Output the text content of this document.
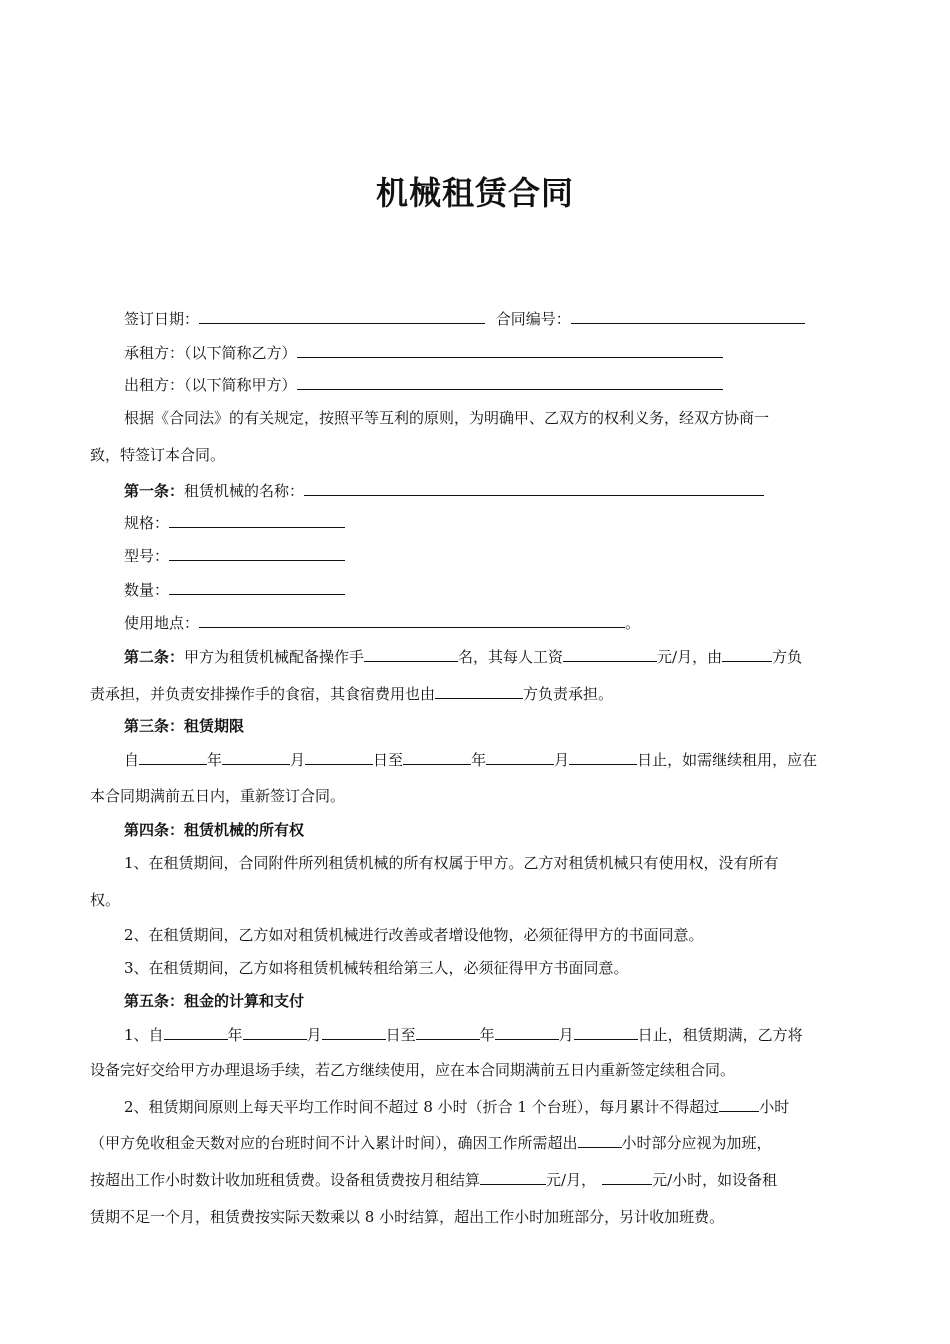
机械租赁合同
签订日期：	合同编号：
承租方：（以下简称乙方）
出租方：（以下简称甲方）
根据《合同法》的有关规定，按照平等互利的原则，为明确甲、乙双方的权利义务，经双方协商一
致，特签订本合同。
第一条：租赁机械的名称：
规格：
型号：
数量：
使用地点：	。
第二条：甲方为租赁机械配备操作手	名，其每人工资	元/月，由	方负
责承担，并负责安排操作手的食宿，其食宿费用也由	方负责承担。
第三条：租赁期限
自	年	月	日至	年	月	日止，如需继续租用，应在
本合同期满前五日内，重新签订合同。
第四条：租赁机械的所有权
1、在租赁期间，合同附件所列租赁机械的所有权属于甲方。乙方对租赁机械只有使用权，没有所有
权。
2、在租赁期间，乙方如对租赁机械进行改善或者增设他物，必须征得甲方的书面同意。
3、在租赁期间，乙方如将租赁机械转租给第三人，必须征得甲方书面同意。
第五条：租金的计算和支付
1、自	年	月	日至	年	月	日止，租赁期满，乙方将
设备完好交给甲方办理退场手续，若乙方继续使用，应在本合同期满前五日内重新签定续租合同。
2、租赁期间原则上每天平均工作时间不超过 8 小时（折合 1 个台班），每月累计不得超过	小时
（甲方免收租金天数对应的台班时间不计入累计时间），确因工作所需超出	小时部分应视为加班，
按超出工作小时数计收加班租赁费。设备租赁费按月租结算	元/月，	元/小时，如设备租
赁期不足一个月，租赁费按实际天数乘以 8 小时结算，超出工作小时加班部分，另计收加班费。
